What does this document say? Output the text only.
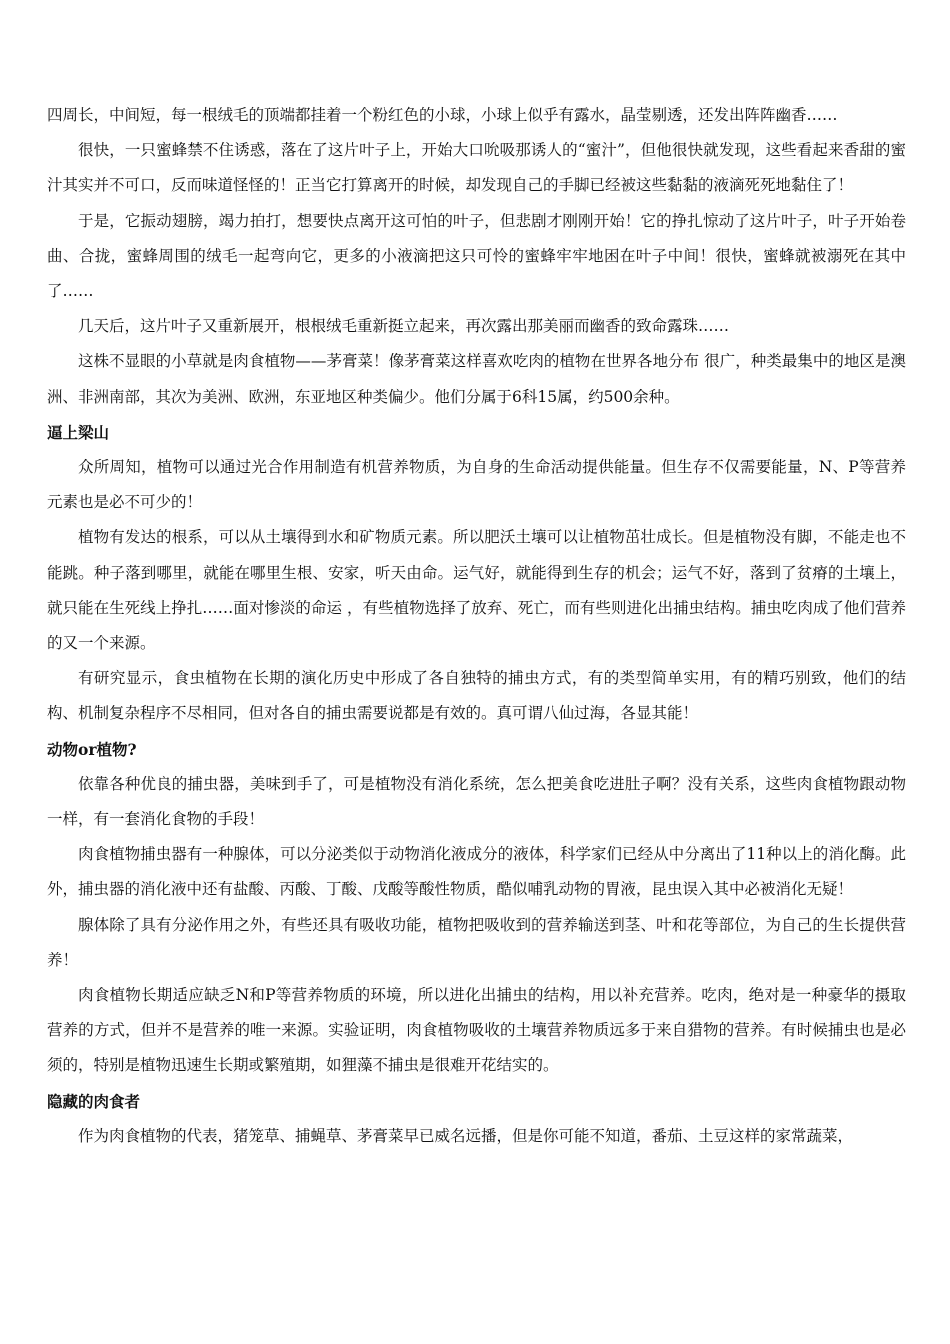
四周长，中间短，每一根绒毛的顶端都挂着一个粉红色的小球，小球上似乎有露水，晶莹剔透，还发出阵阵幽香……

很快，一只蜜蜂禁不住诱惑，落在了这片叶子上，开始大口吮吸那诱人的“蜜汁”，但他很快就发现，这些看起来香甜的蜜汁其实并不可口，反而味道怪怪的！正当它打算离开的时候，却发现自己的手脚已经被这些黏黏的液滴死死地黏住了！

于是，它振动翅膀，竭力拍打，想要快点离开这可怕的叶子，但悲剧才刚刚开始！它的挣扎惊动了这片叶子，叶子开始卷曲、合拢，蜜蜂周围的绒毛一起弯向它，更多的小液滴把这只可怜的蜜蜂牢牢地困在叶子中间！很快，蜜蜂就被溺死在其中了……

几天后，这片叶子又重新展开，根根绒毛重新挺立起来，再次露出那美丽而幽香的致命露珠……

这株不显眼的小草就是肉食植物——茅膏菜！像茅膏菜这样喜欢吃肉的植物在世界各地分布 很广，种类最集中的地区是澳洲、非洲南部，其次为美洲、欧洲，东亚地区种类偏少。他们分属于6科15属，约500余种。

逼上梁山

众所周知，植物可以通过光合作用制造有机营养物质，为自身的生命活动提供能量。但生存不仅需要能量，N、P等营养元素也是必不可少的！

植物有发达的根系，可以从土壤得到水和矿物质元素。所以肥沃土壤可以让植物茁壮成长。但是植物没有脚，不能走也不能跳。种子落到哪里，就能在哪里生根、安家，听天由命。运气好，就能得到生存的机会；运气不好，落到了贫瘠的土壤上，就只能在生死线上挣扎……面对惨淡的命运 ，有些植物选择了放弃、死亡，而有些则进化出捕虫结构。捕虫吃肉成了他们营养的又一个来源。

有研究显示，食虫植物在长期的演化历史中形成了各自独特的捕虫方式，有的类型简单实用，有的精巧别致，他们的结构、机制复杂程序不尽相同，但对各自的捕虫需要说都是有效的。真可谓八仙过海，各显其能！

动物or植物?

依靠各种优良的捕虫器，美味到手了，可是植物没有消化系统，怎么把美食吃进肚子啊？没有关系，这些肉食植物跟动物一样，有一套消化食物的手段！

肉食植物捕虫器有一种腺体，可以分泌类似于动物消化液成分的液体，科学家们已经从中分离出了11种以上的消化酶。此外，捕虫器的消化液中还有盐酸、丙酸、丁酸、戊酸等酸性物质，酷似哺乳动物的胃液，昆虫误入其中必被消化无疑！

腺体除了具有分泌作用之外，有些还具有吸收功能，植物把吸收到的营养输送到茎、叶和花等部位，为自己的生长提供营养！

肉食植物长期适应缺乏N和P等营养物质的环境，所以进化出捕虫的结构，用以补充营养。吃肉，绝对是一种豪华的摄取营养的方式，但并不是营养的唯一来源。实验证明，肉食植物吸收的土壤营养物质远多于来自猎物的营养。有时候捕虫也是必须的，特别是植物迅速生长期或繁殖期，如狸藻不捕虫是很难开花结实的。

隐藏的肉食者

作为肉食植物的代表，猪笼草、捕蝇草、茅膏菜早已威名远播，但是你可能不知道，番茄、土豆这样的家常蔬菜，
